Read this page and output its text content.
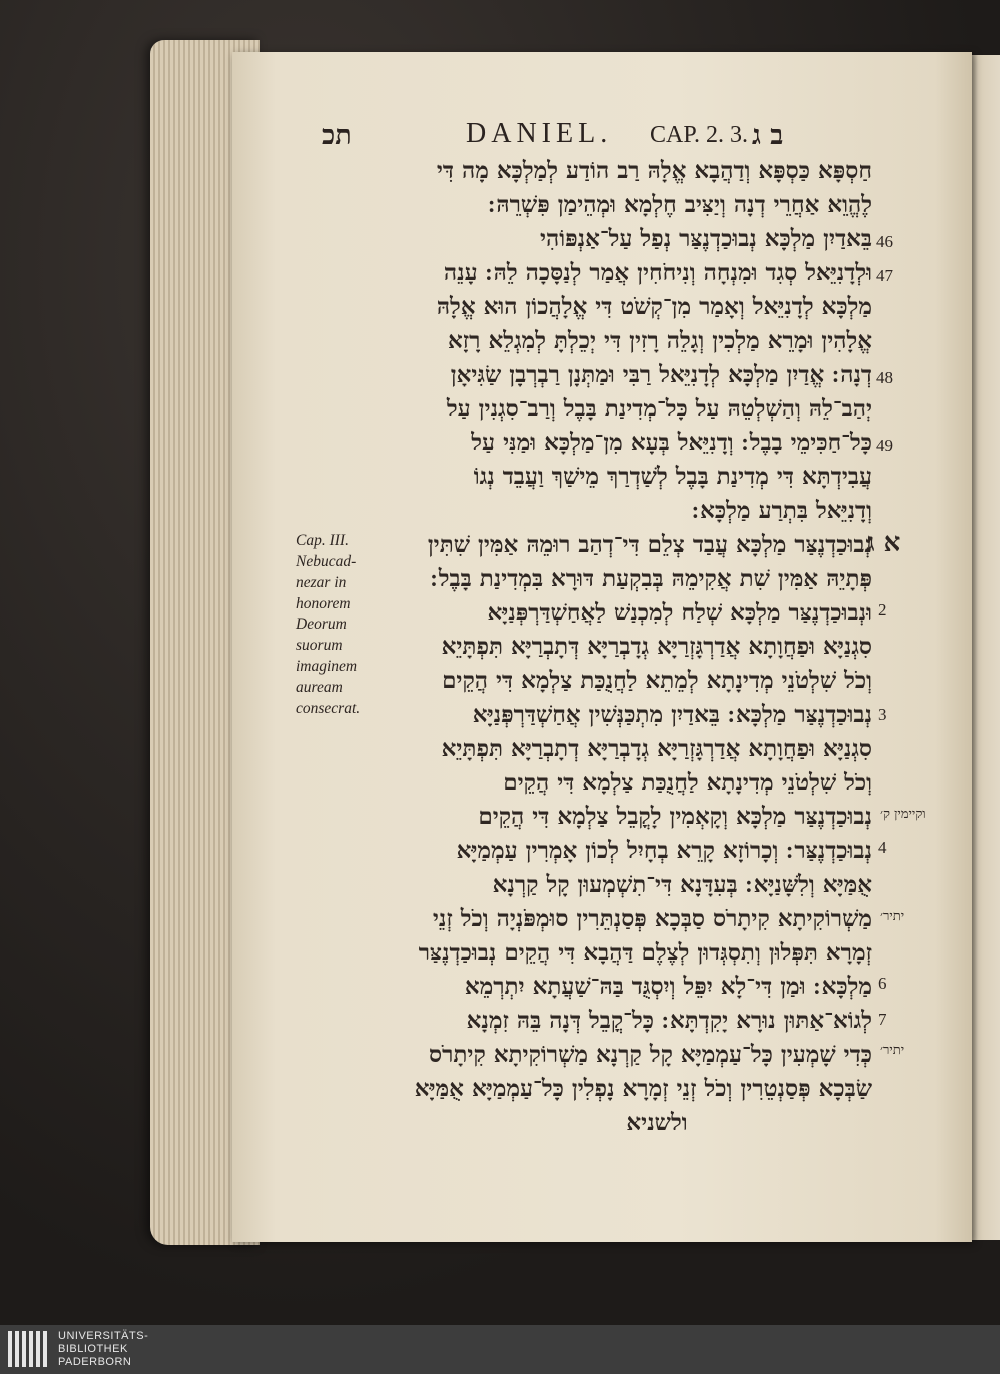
תכ	DANIEL. CAP. 2. 3. ב ג
חַסְפָּא כַּסְפָּא וְדַהֲבָא אֱלָהּ רַב הוֹדַע לְמַלְכָּא מָה דִּי
לֶהֱוֵא אַחֲרֵי דְנָה וְיַצִּיב חֶלְמָא וּמְהֵימַן פִּשְׁרֵהּ ׃
בֵּאדַיִן מַלְכָּא נְבוּכַדְנֶצַּר נְפַל עַל־אַנְפּוֹהִי
וּלְדָנִיֵּאל סְגִד וּמִנְחָה וְנִיחֹחִין אֲמַר לְנַסָּכָה לֵהּ ׃ עָנֵה
מַלְכָּא לְדָנִיֵּאל וְאָמַר מִן־קְשֹׁט דִּי אֱלָהֲכוֹן הוּא אֱלָהּ
אֱלָהִין וּמָרֵא מַלְכִין וְגָלֵה רָזִין דִּי יְכֵלְתָּ לְמִגְלֵא רָזָא
דְנָה ׃ אֱדַיִן מַלְכָּא לְדָנִיֵּאל רַבִּי וּמַתְּנָן רַבְרְבָן שַׂגִּיאָן
יְהַב־לֵהּ וְהַשְׁלְטֵהּ עַל כָּל־מְדִינַת בָּבֶל וְרַב־סִגְנִין עַל
כָּל־חַכִּימֵי בָבֶל ׃ וְדָנִיֵּאל בְּעָא מִן־מַלְכָּא וּמַנִּי עַל
עֲבִידְתָּא דִּי מְדִינַת בָּבֶל לְשַׁדְרַךְ מֵישַׁךְ וַעֲבֵד נְגוֹ
וְדָנִיֵּאל בִּתְרַע מַלְכָּא ׃
נְבוּכַדְנֶצַּר מַלְכָּא עֲבַד צְלֵם דִּי־דְהַב רוּמֵהּ אַמִּין שִׁתִּין
פְּתָיֵהּ אַמִּין שִׁת אֲקִימֵהּ בְּבִקְעַת דּוּרָא בִּמְדִינַת בָּבֶל ׃
וּנְבוּכַדְנֶצַּר מַלְכָּא שְׁלַח לְמִכְנַשׁ לַאֲחַשְׁדַּרְפְּנַיָּא
סִגְנַיָּא וּפַחֲוָתָא אֲדַרְגָּזְרַיָּא גְדָבְרַיָּא דְּתָבְרַיָּא תִּפְתָּיֵא
וְכֹל שִׁלְטֹנֵי מְדִינָתָא לְמֵתֵא לַחֲנֻכַּת צַלְמָא דִּי הֲקֵים
נְבוּכַדְנֶצַּר מַלְכָּא ׃ בֵּאדַיִן מִתְכַּנְּשִׁין אֲחַשְׁדַּרְפְּנַיָּא
סִגְנַיָּא וּפַחֲוָתָא אֲדַרְגָּזְרַיָּא גְדָבְרַיָּא דְתָבְרַיָּא תִּפְתָּיֵא
וְכֹל שִׁלְטֹנֵי מְדִינָתָא לַחֲנֻכַּת צַלְמָא דִּי הֲקֵים
נְבוּכַדְנֶצַּר מַלְכָּא וְקָאְמִין לָקֳבֵל צַלְמָא דִּי הֲקֵים
נְבוּכַדְנֶצַּר ׃ וְכָרוֹזָא קָרֵא בְחָיִל לְכוֹן אָמְרִין עַמְמַיָּא
אֻמַּיָּא וְלִשָּׁנַיָּא ׃ בְּעִדָּנָא דִּי־תִשְׁמְעוּן קָל קַרְנָא
מַשְׁרוֹקִיתָא קִיתָרֹס סַבְּכָא פְּסַנְתֵּרִין סוּמְפֹּנְיָה וְכֹל זְנֵי
זְמָרָא תִּפְּלוּן וְתִסְגְּדוּן לְצֶלֶם דַּהֲבָא דִּי הֲקֵים נְבוּכַדְנֶצַּר
מַלְכָּא ׃ וּמַן דִּי־לָא יִפֵּל וְיִסְגֻּד בַּהּ־שַׁעֲתָא יִתְרְמֵא
לְגוֹא־אַתּוּן נוּרָא יָקִדְתָּא ׃ כָּל־קֳבֵל דְּנָה בֵּהּ זִמְנָא
כְּדִי שָׁמְעִין כָּל־עַמְמַיָּא קָל קַרְנָא מַשְׁרוֹקִיתָא קִיתָרֹס
שַׂבְּכָא פְּסַנְטֵרִין וְכֹל זְנֵי זְמָרָא נָפְלִין כָּל־עַמְמַיָּא אֻמַּיָּא
ולשניא
46
47
48
49
א ג
2
3
4
6
7
וקיימין ק׳
יתיר׳
יתיר׳
Cap. III.
Nebucad-
nezar in
honorem
Deorum
suorum
imaginem
auream
consecrat.
UNIVERSITÄTS-
BIBLIOTHEK
PADERBORN
